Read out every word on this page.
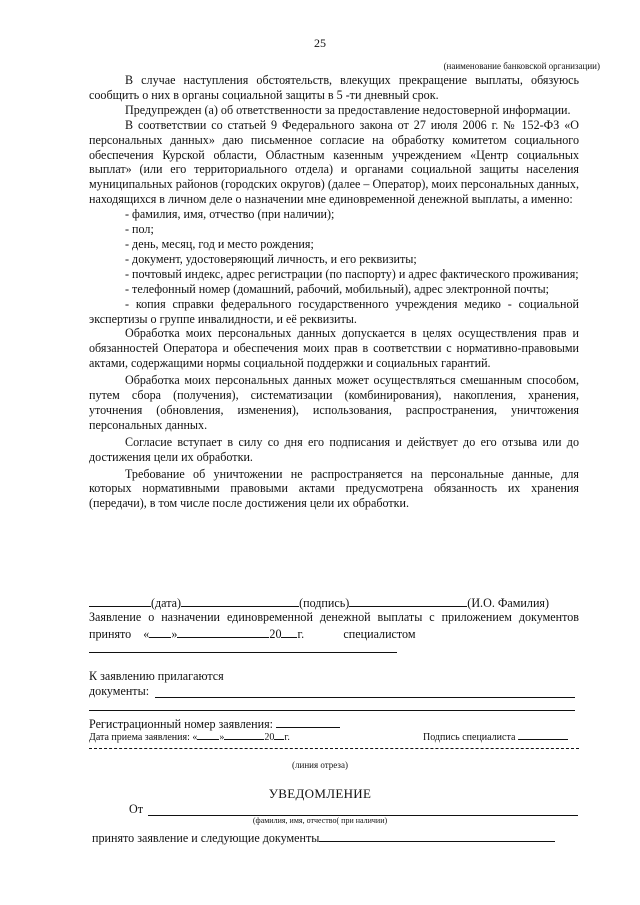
25
(наименование банковской организации)

В случае наступления обстоятельств, влекущих прекращение выплаты, обязуюсь сообщить о них в органы социальной защиты в 5 -ти дневный срок.

Предупрежден (а) об ответственности за предоставление недостоверной информации.

В соответствии со статьей 9 Федерального закона от 27 июля 2006 г. № 152-ФЗ «О персональных данных» даю письменное согласие на обработку комитетом социального обеспечения Курской области, Областным казенным учреждением «Центр социальных выплат» (или его территориального отдела) и органами социальной защиты населения муниципальных районов (городских округов) (далее – Оператор), моих персональных данных, находящихся в личном деле о назначении мне единовременной денежной выплаты, а именно:

- фамилия, имя, отчество (при наличии);

- пол;

- день, месяц, год и место рождения;

- документ, удостоверяющий личность, и его реквизиты;

- почтовый индекс, адрес регистрации (по паспорту) и адрес фактического проживания;

- телефонный номер (домашний, рабочий, мобильный), адрес электронной почты;

- копия справки федерального государственного учреждения медико - социальной экспертизы о группе инвалидности, и её реквизиты.

Обработка моих персональных данных допускается в целях осуществления прав и обязанностей Оператора и обеспечения моих прав в соответствии с нормативно-правовыми актами, содержащими нормы социальной поддержки и социальных гарантий.

Обработка моих персональных данных может осуществляться смешанным способом, путем сбора (получения), систематизации (комбинирования), накопления, хранения, уточнения (обновления, изменения), использования, распространения, уничтожения персональных данных.

Согласие вступает в силу со дня его подписания и действует до его отзыва или до достижения цели их обработки.

Требование об уничтожении не распространяется на персональные данные, для которых нормативными правовыми актами предусмотрена обязанность их хранения (передачи), в том числе после достижения цели их обработки.

(дата)	(подпись)	(И.О. Фамилия)

Заявление о назначении единовременной денежной выплаты с приложением документов принято « »	20 г.	специалистом

К заявлению прилагаются
документы:
Регистрационный номер заявления:
Дата приема заявления: « »	20 г.	Подпись специалиста
(линия отреза)
УВЕДОМЛЕНИЕ
От
(фамилия, имя, отчество( при наличии)
принято заявление и следующие документы
